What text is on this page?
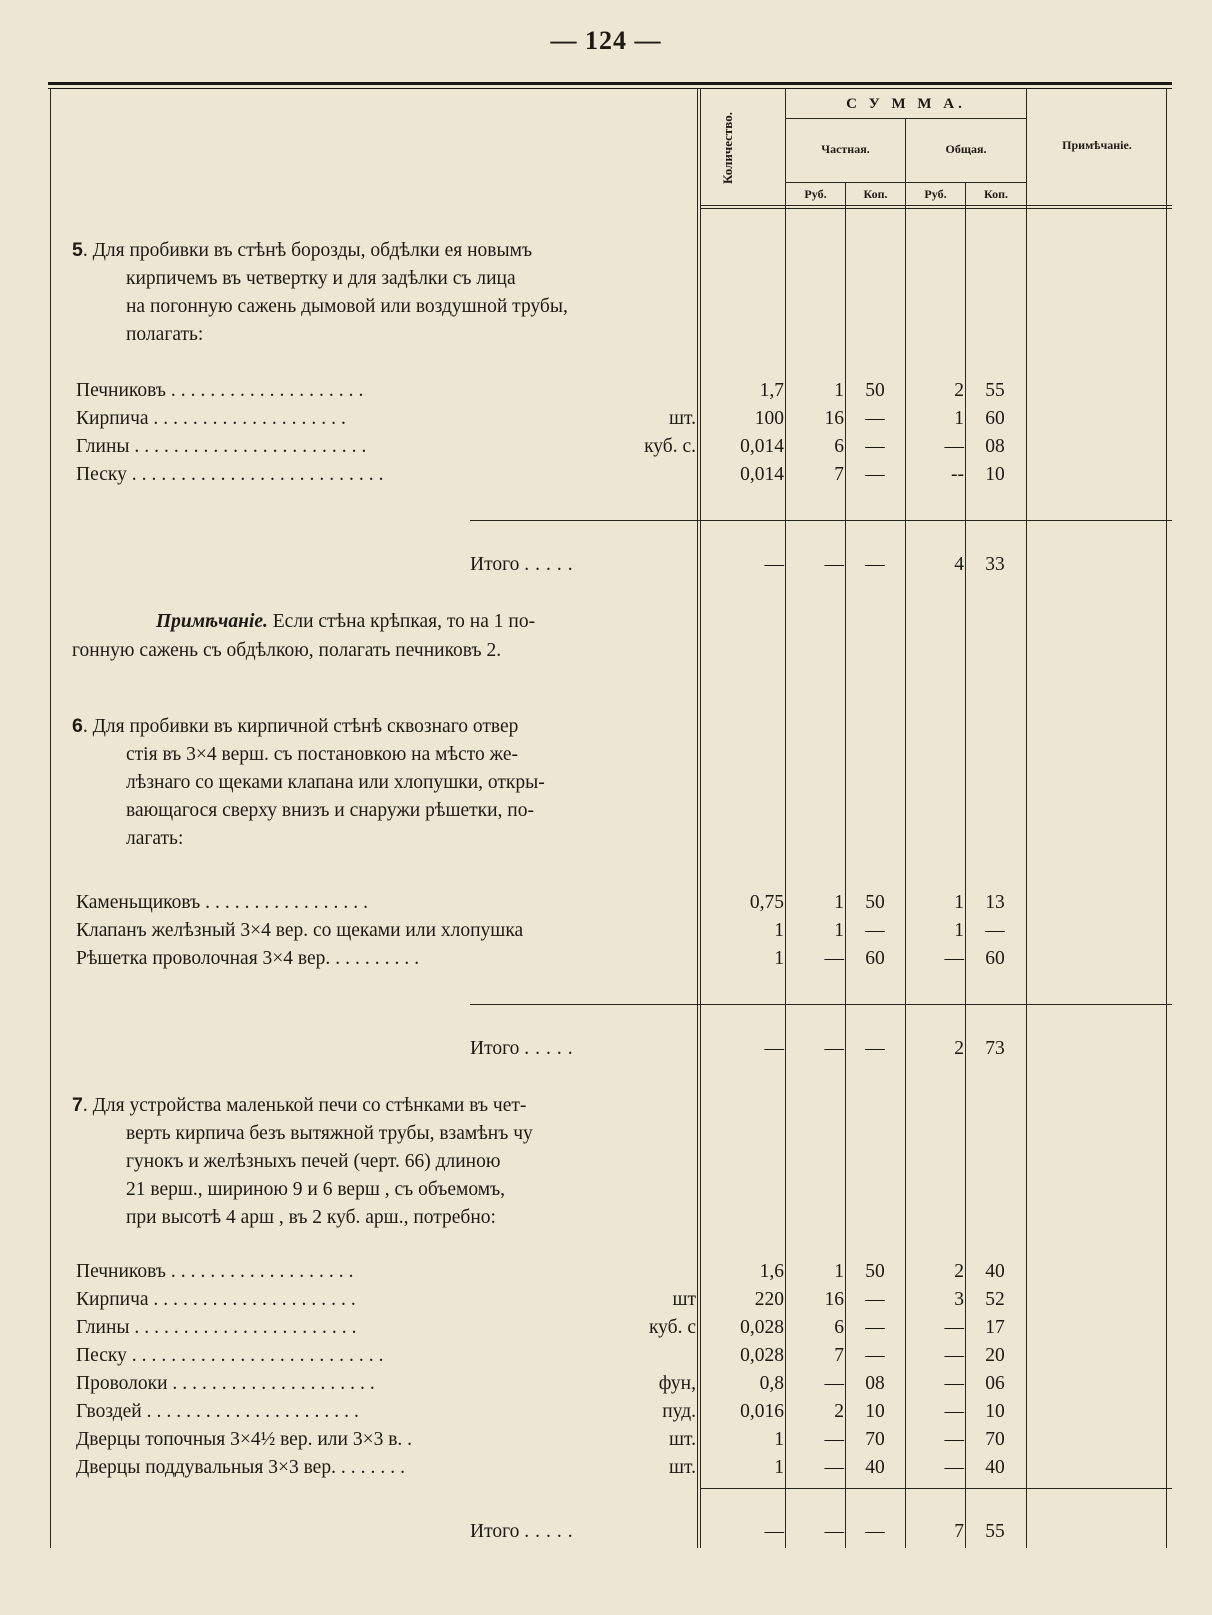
— 124 —
Количество.
С У М М А.
Частная.	Общая.	Примѣчаніе.
Руб.	Коп.	Руб.	Коп.
5. Для пробивки въ стѣнѣ борозды, обдѣлки ея новымъ
кирпичемъ въ четвертку и для задѣлки съ лица
на погонную сажень дымовой или воздушной трубы,
полагать:
Печниковъ ....................	1,7	1	50	2	55
Кирпича ....................	шт.	100	16	—	1	60
Глины ........................	куб. с.	0,014	6	—	—	08
Песку ..........................	0,014	7	—	--	10
Итого .....	—	—	—	4	33
Примѣчаніе. Если стѣна крѣпкая, то на 1 по-
гонную сажень съ обдѣлкою, полагать печниковъ 2.
6. Для пробивки въ кирпичной стѣнѣ сквознаго отвер
стія въ 3×4 верш. съ постановкою на мѣсто же-
лѣзнаго со щеками клапана или хлопушки, откры-
вающагося сверху внизъ и снаружи рѣшетки, по-
лагать:
Каменьщиковъ .................	0,75	1	50	1	13
Клапанъ желѣзный 3×4 вер. со щеками или хлопушка	1	1	—	1	—
Рѣшетка проволочная 3×4 вер. .........	1	—	60	—	60
Итого .....	—	—	—	2	73
7. Для устройства маленькой печи со стѣнками въ чет-
верть кирпича безъ вытяжной трубы, взамѣнъ чу
гунокъ и желѣзныхъ печей (черт. 66) длиною
21 верш., шириною 9 и 6 верш , съ объемомъ,
при высотѣ 4 арш , въ 2 куб. арш., потребно:
Печниковъ ...................	1,6	1	50	2	40
Кирпича .....................	шт	220	16	—	3	52
Глины .......................	куб. с	0,028	6	—	—	17
Песку ..........................	0,028	7	—	—	20
Проволоки .....................	фун,	0,8	—	08	—	06
Гвоздей ......................	пуд.	0,016	2	10	—	10
Дверцы топочныя 3×4½ вер. или 3×3 в. .	шт.	1	—	70	—	70
Дверцы поддувальныя 3×3 вер. .......	шт.	1	—	40	—	40
Итого .....	—	—	—	7	55
